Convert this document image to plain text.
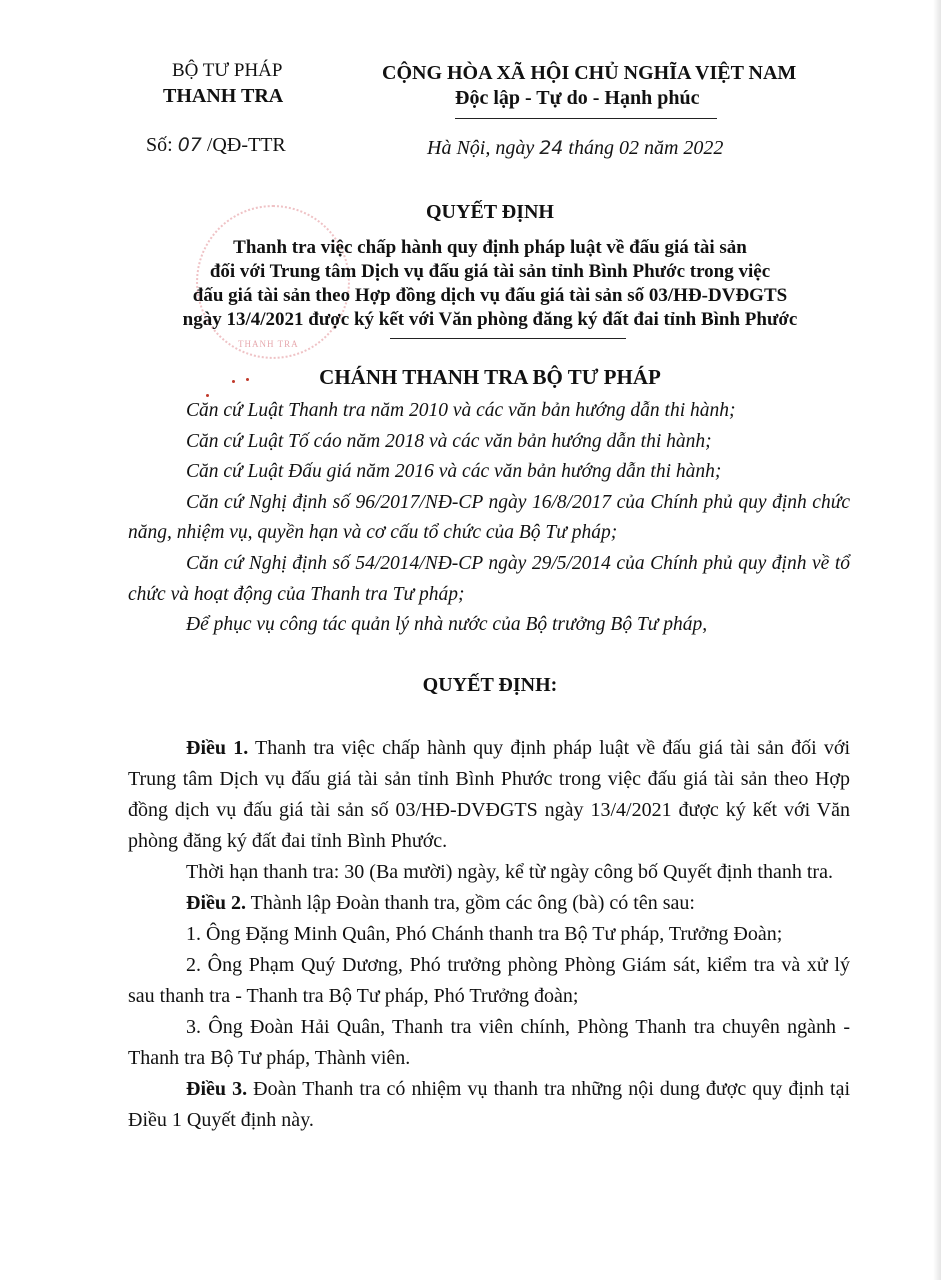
THANH TRA
BỘ TƯ PHÁP
THANH TRA
CỘNG HÒA XÃ HỘI CHỦ NGHĨA VIỆT NAM
Độc lập - Tự do - Hạnh phúc
Số: 07 /QĐ-TTR	Hà Nội, ngày 24 tháng 02 năm 2022
QUYẾT ĐỊNH
Thanh tra việc chấp hành quy định pháp luật về đấu giá tài sản
đối với Trung tâm Dịch vụ đấu giá tài sản tỉnh Bình Phước trong việc
đấu giá tài sản theo Hợp đồng dịch vụ đấu giá tài sản số 03/HĐ-DVĐGTS
ngày 13/4/2021 được ký kết với Văn phòng đăng ký đất đai tỉnh Bình Phước
CHÁNH THANH TRA BỘ TƯ PHÁP

Căn cứ Luật Thanh tra năm 2010 và các văn bản hướng dẫn thi hành;

Căn cứ Luật Tố cáo năm 2018 và các văn bản hướng dẫn thi hành;

Căn cứ Luật Đấu giá năm 2016 và các văn bản hướng dẫn thi hành;

Căn cứ Nghị định số 96/2017/NĐ-CP ngày 16/8/2017 của Chính phủ quy định chức năng, nhiệm vụ, quyền hạn và cơ cấu tổ chức của Bộ Tư pháp;

Căn cứ Nghị định số 54/2014/NĐ-CP ngày 29/5/2014 của Chính phủ quy định về tổ chức và hoạt động của Thanh tra Tư pháp;

Để phục vụ công tác quản lý nhà nước của Bộ trưởng Bộ Tư pháp,

QUYẾT ĐỊNH:

Điều 1. Thanh tra việc chấp hành quy định pháp luật về đấu giá tài sản đối với Trung tâm Dịch vụ đấu giá tài sản tỉnh Bình Phước trong việc đấu giá tài sản theo Hợp đồng dịch vụ đấu giá tài sản số 03/HĐ-DVĐGTS ngày 13/4/2021 được ký kết với Văn phòng đăng ký đất đai tỉnh Bình Phước.

Thời hạn thanh tra: 30 (Ba mười) ngày, kể từ ngày công bố Quyết định thanh tra.

Điều 2. Thành lập Đoàn thanh tra, gồm các ông (bà) có tên sau:

1. Ông Đặng Minh Quân, Phó Chánh thanh tra Bộ Tư pháp, Trưởng Đoàn;

2. Ông Phạm Quý Dương, Phó trưởng phòng Phòng Giám sát, kiểm tra và xử lý sau thanh tra - Thanh tra Bộ Tư pháp, Phó Trưởng đoàn;

3. Ông Đoàn Hải Quân, Thanh tra viên chính, Phòng Thanh tra chuyên ngành - Thanh tra Bộ Tư pháp, Thành viên.

Điều 3. Đoàn Thanh tra có nhiệm vụ thanh tra những nội dung được quy định tại Điều 1 Quyết định này.
